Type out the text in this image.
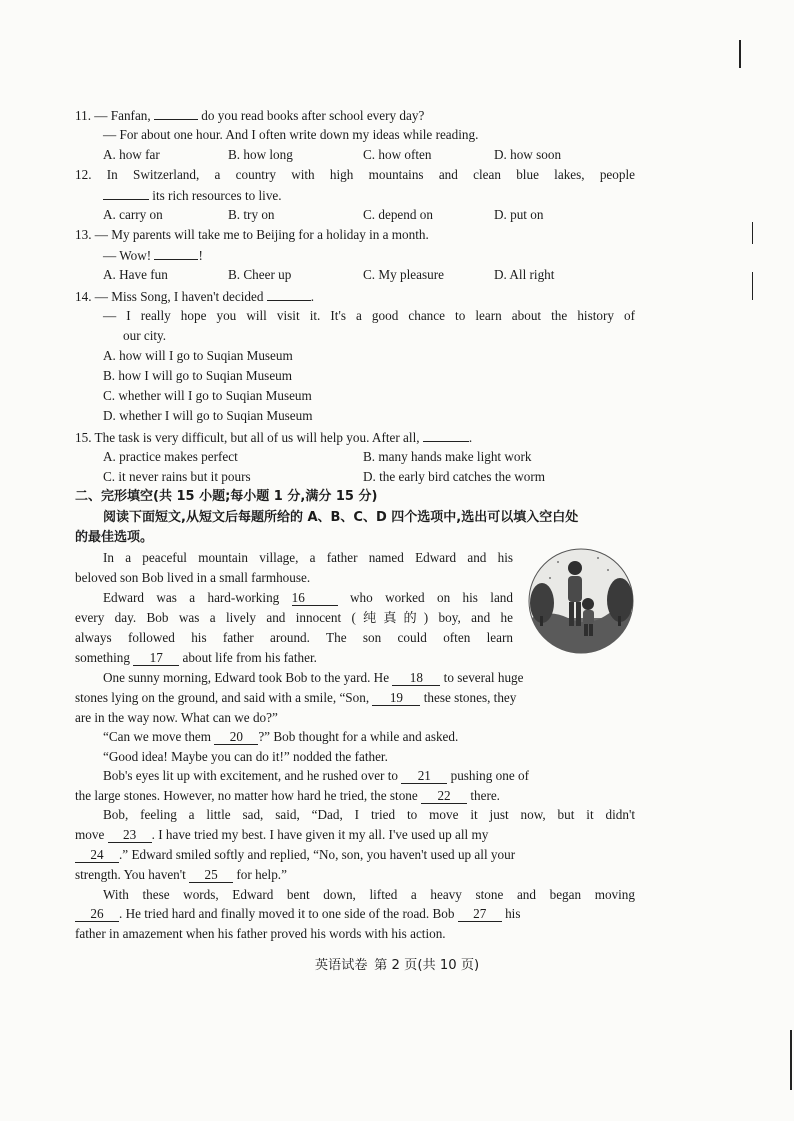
11. — Fanfan,	do you read books after school every day?
— For about one hour. And I often write down my ideas while reading.
A. how far	B. how long	C. how often	D. how soon
12. In Switzerland, a country with high mountains and clean blue lakes, people
its rich resources to live.
A. carry on	B. try on	C. depend on	D. put on
13. — My parents will take me to Beijing for a holiday in a month.
— Wow!	!
A. Have fun	B. Cheer up	C. My pleasure	D. All right
14. — Miss Song, I haven't decided	.
— I really hope you will visit it. It's a good chance to learn about the history of
our city.
A. how will I go to Suqian Museum
B. how I will go to Suqian Museum
C. whether will I go to Suqian Museum
D. whether I will go to Suqian Museum
15. The task is very difficult, but all of us will help you. After all,	.
A. practice makes perfect	B. many hands make light work
C. it never rains but it pours	D. the early bird catches the worm
二、完形填空(共 15 小题;每小题 1 分,满分 15 分)
阅读下面短文,从短文后每题所给的 A、B、C、D 四个选项中,选出可以填入空白处
的最佳选项。
In a peaceful mountain village, a father named Edward and his
beloved son Bob lived in a small farmhouse.
Edward was a hard-working 16 who worked on his land
every day. Bob was a lively and innocent (纯真的) boy, and he
always followed his father around. The son could often learn
something 17 about life from his father.
One sunny morning, Edward took Bob to the yard. He 18 to several huge
stones lying on the ground, and said with a smile, “Son, 19 these stones, they
are in the way now. What can we do?”
“Can we move them 20 ?” Bob thought for a while and asked.
“Good idea! Maybe you can do it!” nodded the father.
Bob's eyes lit up with excitement, and he rushed over to 21 pushing one of
the large stones. However, no matter how hard he tried, the stone 22 there.
Bob, feeling a little sad, said, “Dad, I tried to move it just now, but it didn't
move 23 . I have tried my best. I have given it my all. I've used up all my
24 .” Edward smiled softly and replied, “No, son, you haven't used up all your
strength. You haven't 25 for help.”
With these words, Edward bent down, lifted a heavy stone and began moving
26 . He tried hard and finally moved it to one side of the road. Bob 27 his
father in amazement when his father proved his words with his action.
英语试卷 第 2 页(共 10 页)
